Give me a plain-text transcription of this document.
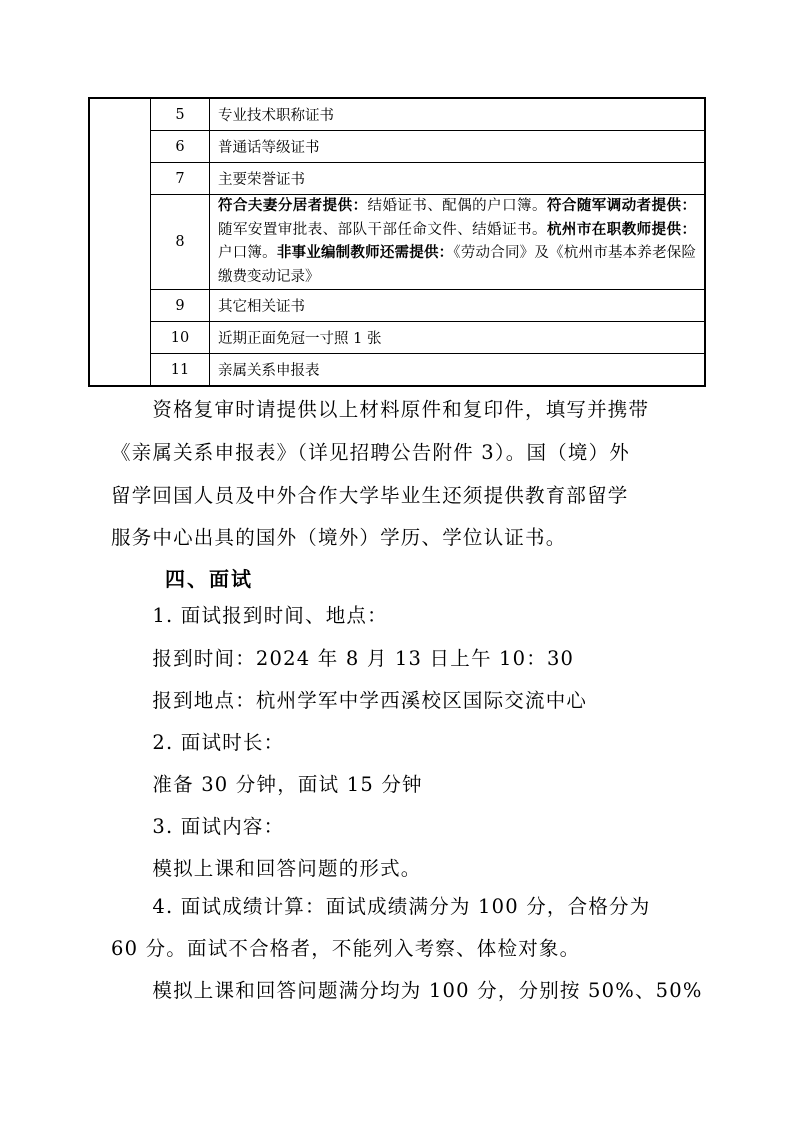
	5	专业技术职称证书
	6	普通话等级证书
	7	主要荣誉证书
	8	符合夫妻分居者提供：结婚证书、配偶的户口簿。符合随军调动者提供：随军安置审批表、部队干部任命文件、结婚证书。杭州市在职教师提供：户口簿。非事业编制教师还需提供：《劳动合同》及《杭州市基本养老保险缴费变动记录》
	9	其它相关证书
	10	近期正面免冠一寸照 1 张
	11	亲属关系申报表
　　资格复审时请提供以上材料原件和复印件，填写并携带
《亲属关系申报表》（详见招聘公告附件 3）。国（境）外
留学回国人员及中外合作大学毕业生还须提供教育部留学
服务中心出具的国外（境外）学历、学位认证书。
四、面试
　　1. 面试报到时间、地点：
　　报到时间：2024 年 8 月 13 日上午 10：30
　　报到地点：杭州学军中学西溪校区国际交流中心
　　2. 面试时长：
　　准备 30 分钟，面试 15 分钟
　　3. 面试内容：
　　模拟上课和回答问题的形式。
　　4. 面试成绩计算：面试成绩满分为 100 分，合格分为
60 分。面试不合格者，不能列入考察、体检对象。
　　模拟上课和回答问题满分均为 100 分，分别按 50%、50%
